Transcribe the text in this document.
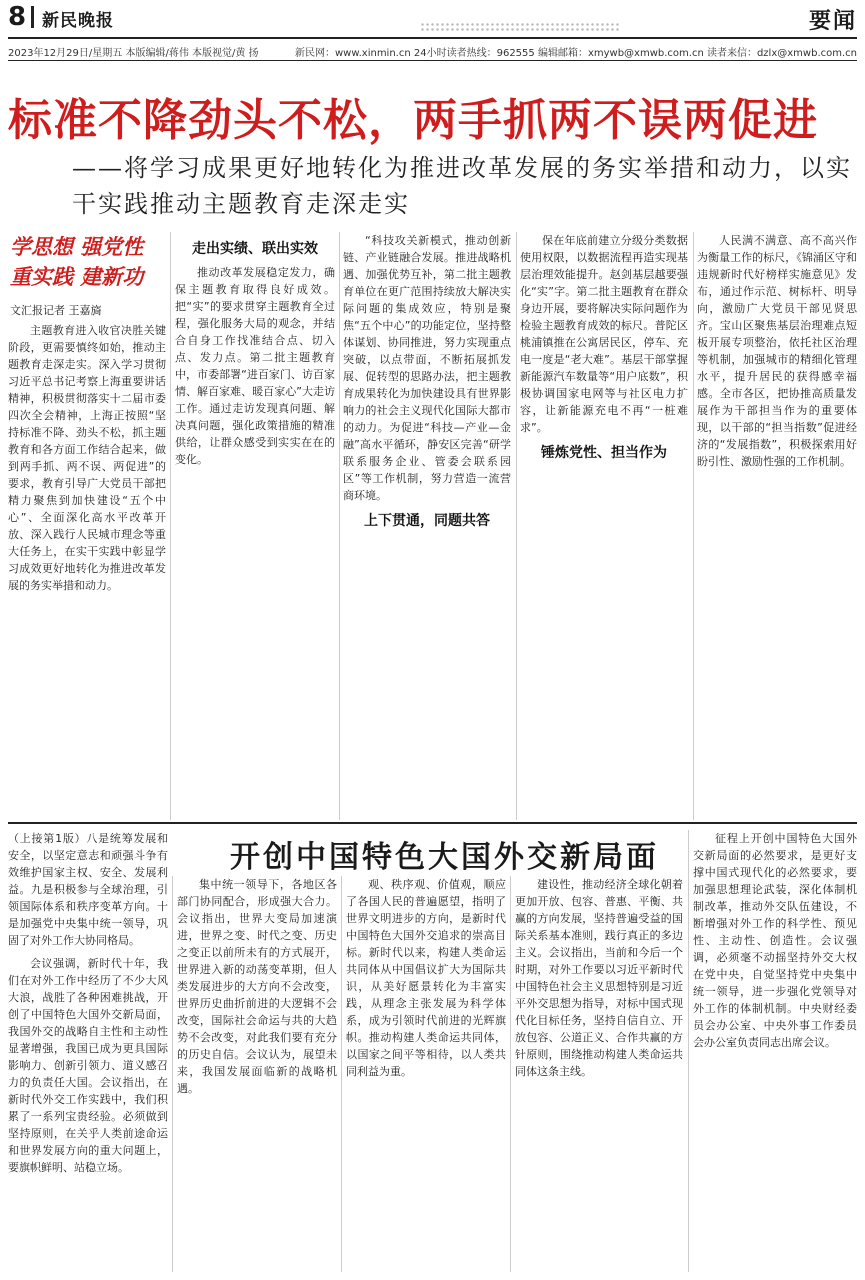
8 新民晚报	要闻
2023年12月29日/星期五 本版编辑/蒋伟 本版视觉/黄 扬	新民网：www.xinmin.cn 24小时读者热线：962555 编辑邮箱：xmywb@xmwb.com.cn 读者来信：dzlx@xmwb.com.cn
标准不降劲头不松，两手抓两不误两促进
——将学习成果更好地转化为推进改革发展的务实举措和动力，以实干实践推动主题教育走深走实
学思想 强党性
重实践 建新功
文汇报记者 王嘉旖

主题教育进入收官决胜关键阶段，更需要慎终如始，推动主题教育走深走实。深入学习贯彻习近平总书记考察上海重要讲话精神，积极贯彻落实十二届市委四次全会精神，上海正按照“坚持标准不降、劲头不松，抓主题教育和各方面工作结合起来，做到两手抓、两不误、两促进”的要求，教育引导广大党员干部把精力聚焦到加快建设“五个中心”、全面深化高水平改革开放、深入践行人民城市理念等重大任务上，在实干实践中彰显学习成效更好地转化为推进改革发展的务实举措和动力。

走出实绩、联出实效

推动改革发展稳定发力，确保主题教育取得良好成效。把“实”的要求贯穿主题教育全过程，强化服务大局的观念，并结合自身工作找准结合点、切入点、发力点。第二批主题教育中，市委部署“进百家门、访百家情、解百家难、暖百家心”大走访工作。通过走访发现真问题、解决真问题，强化政策措施的精准供给，让群众感受到实实在在的变化。

“科技攻关新模式，推动创新链、产业链融合发展。推进战略机遇、加强优势互补，第二批主题教育单位在更广范围持续放大解决实际问题的集成效应，特别是聚焦“五个中心”的功能定位，坚持整体谋划、协同推进，努力实现重点突破，以点带面，不断拓展抓发展、促转型的思路办法，把主题教育成果转化为加快建设具有世界影响力的社会主义现代化国际大都市的动力。为促进“科技—产业—金融”高水平循环，静安区完善“研学联系服务企业、管委会联系园区”等工作机制，努力营造一流营商环境。

上下贯通，同题共答

保在年底前建立分级分类数据使用权限，以数据流程再造实现基层治理效能提升。赵剑基层越要强化“实”字。第二批主题教育在群众身边开展，要将解决实际问题作为检验主题教育成效的标尺。普陀区桃浦镇推在公寓居民区，停车、充电一度是“老大难”。基层干部掌握新能源汽车数量等“用户底数”，积极协调国家电网等与社区电力扩容，让新能源充电不再“一桩难求”。

锤炼党性、担当作为

人民满不满意、高不高兴作为衡量工作的标尺，《锦涌区守和违规新时代好榜样实施意见》发布，通过作示范、树标杆、明导向，激励广大党员干部见贤思齐。宝山区聚焦基层治理难点短板开展专项整治，依托社区治理等机制，加强城市的精细化管理水平，提升居民的获得感幸福感。全市各区，把协推高质量发展作为干部担当作为的重要体现，以干部的“担当指数”促进经济的“发展指数”，积极探索用好盼引性、激励性强的工作机制。

开创中国特色大国外交新局面
（上接第1版）八是统筹发展和安全，以坚定意志和顽强斗争有效维护国家主权、安全、发展利益。九是积极参与全球治理，引领国际体系和秩序变革方向。十是加强党中央集中统一领导，巩固了对外工作大协同格局。

会议强调，新时代十年，我们在对外工作中经历了不少大风大浪，战胜了各种困难挑战，开创了中国特色大国外交新局面，我国外交的战略自主性和主动性显著增强，我国已成为更具国际影响力、创新引领力、道义感召力的负责任大国。会议指出，在新时代外交工作实践中，我们积累了一系列宝贵经验。必须做到坚持原则，在关乎人类前途命运和世界发展方向的重大问题上，要旗帜鲜明、站稳立场。

集中统一领导下，各地区各部门协同配合，形成强大合力。会议指出，世界大变局加速演进，世界之变、时代之变、历史之变正以前所未有的方式展开，世界进入新的动荡变革期，但人类发展进步的大方向不会改变，世界历史曲折前进的大逻辑不会改变，国际社会命运与共的大趋势不会改变，对此我们要有充分的历史自信。会议认为，展望未来，我国发展面临新的战略机遇。

观、秩序观、价值观，顺应了各国人民的普遍愿望，指明了世界文明进步的方向，是新时代中国特色大国外交追求的崇高目标。新时代以来，构建人类命运共同体从中国倡议扩大为国际共识，从美好愿景转化为丰富实践，从理念主张发展为科学体系，成为引领时代前进的光辉旗帜。推动构建人类命运共同体，以国家之间平等相待，以人类共同利益为重。

建设性，推动经济全球化朝着更加开放、包容、普惠、平衡、共赢的方向发展，坚持普遍受益的国际关系基本准则，践行真正的多边主义。会议指出，当前和今后一个时期，对外工作要以习近平新时代中国特色社会主义思想特别是习近平外交思想为指导，对标中国式现代化目标任务，坚持自信自立、开放包容、公道正义、合作共赢的方针原则，围绕推动构建人类命运共同体这条主线。

征程上开创中国特色大国外交新局面的必然要求，是更好支撑中国式现代化的必然要求，要加强思想理论武装，深化体制机制改革，推动外交队伍建设，不断增强对外工作的科学性、预见性、主动性、创造性。会议强调，必须毫不动摇坚持外交大权在党中央，自觉坚持党中央集中统一领导，进一步强化党领导对外工作的体制机制。中央财经委员会办公室、中央外事工作委员会办公室负责同志出席会议。
